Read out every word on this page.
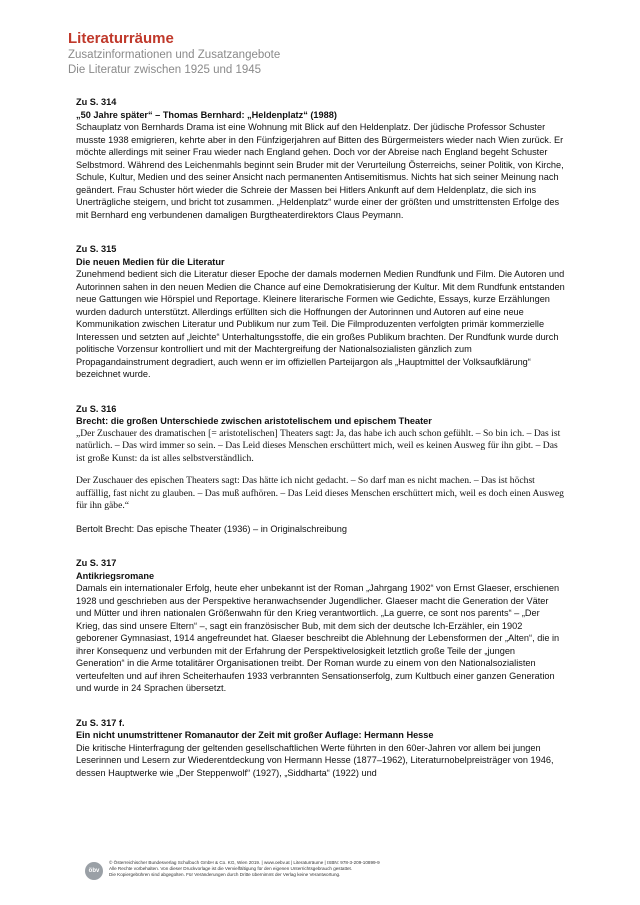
Literaturräume

Zusatzinformationen und Zusatzangebote

Die Literatur zwischen 1925 und 1945

Zu S. 314

„50 Jahre später“ – Thomas Bernhard: „Heldenplatz“ (1988)

Schauplatz von Bernhards Drama ist eine Wohnung mit Blick auf den Heldenplatz. Der jüdische Professor Schuster musste 1938 emigrieren, kehrte aber in den Fünfzigerjahren auf Bitten des Bürgermeisters wieder nach Wien zurück. Er möchte allerdings mit seiner Frau wieder nach England gehen. Doch vor der Abreise nach England begeht Schuster Selbstmord. Während des Leichenmahls beginnt sein Bruder mit der Verurteilung Österreichs, seiner Politik, von Kirche, Schule, Kultur, Medien und des seiner Ansicht nach permanenten Antisemitismus. Nichts hat sich seiner Meinung nach geändert. Frau Schuster hört wieder die Schreie der Massen bei Hitlers Ankunft auf dem Heldenplatz, die sich ins Unerträgliche steigern, und bricht tot zusammen. „Heldenplatz“ wurde einer der größten und umstrittensten Erfolge des mit Bernhard eng verbundenen damaligen Burgtheaterdirektors Claus Peymann.

Zu S. 315

Die neuen Medien für die Literatur

Zunehmend bedient sich die Literatur dieser Epoche der damals modernen Medien Rundfunk und Film. Die Autoren und Autorinnen sahen in den neuen Medien die Chance auf eine Demokratisierung der Kultur. Mit dem Rundfunk entstanden neue Gattungen wie Hörspiel und Reportage. Kleinere literarische Formen wie Gedichte, Essays, kurze Erzählungen wurden dadurch unterstützt. Allerdings erfüllten sich die Hoffnungen der Autorinnen und Autoren auf eine neue Kommunikation zwischen Literatur und Publikum nur zum Teil. Die Filmproduzenten verfolgten primär kommerzielle Interessen und setzten auf „leichte“ Unterhaltungsstoffe, die ein großes Publikum brachten. Der Rundfunk wurde durch politische Vorzensur kontrolliert und mit der Machtergreifung der Nationalsozialisten gänzlich zum Propagandainstrument degradiert, auch wenn er im offiziellen Parteijargon als „Hauptmittel der Volksaufklärung“ bezeichnet wurde.

Zu S. 316

Brecht: die großen Unterschiede zwischen aristotelischem und epischem Theater

„Der Zuschauer des dramatischen [= aristotelischen] Theaters sagt: Ja, das habe ich auch schon gefühlt. – So bin ich. – Das ist natürlich. – Das wird immer so sein. – Das Leid dieses Menschen erschüttert mich, weil es keinen Ausweg für ihn gibt. – Das ist große Kunst: da ist alles selbstverständlich.

Der Zuschauer des epischen Theaters sagt: Das hätte ich nicht gedacht. – So darf man es nicht machen. – Das ist höchst auffällig, fast nicht zu glauben. – Das muß aufhören. – Das Leid dieses Menschen erschüttert mich, weil es doch einen Ausweg für ihn gäbe.“

Bertolt Brecht: Das epische Theater (1936) – in Originalschreibung

Zu S. 317

Antikriegsromane

Damals ein internationaler Erfolg, heute eher unbekannt ist der Roman „Jahrgang 1902“ von Ernst Glaeser, erschienen 1928 und geschrieben aus der Perspektive heranwachsender Jugendlicher. Glaeser macht die Generation der Väter und Mütter und ihren nationalen Größenwahn für den Krieg verantwortlich. „La guerre, ce sont nos parents“ – „Der Krieg, das sind unsere Eltern“ –, sagt ein französischer Bub, mit dem sich der deutsche Ich-Erzähler, ein 1902 geborener Gymnasiast, 1914 angefreundet hat. Glaeser beschreibt die Ablehnung der Lebensformen der „Alten“, die in ihrer Konsequenz und verbunden mit der Erfahrung der Perspektivelosigkeit letztlich große Teile der „jungen Generation“ in die Arme totalitärer Organisationen treibt. Der Roman wurde zu einem von den Nationalsozialisten verteufelten und auf ihren Scheiterhaufen 1933 verbrannten Sensationserfolg, zum Kultbuch einer ganzen Generation und wurde in 24 Sprachen übersetzt.

Zu S. 317 f.

Ein nicht unumstrittener Romanautor der Zeit mit großer Auflage: Hermann Hesse

Die kritische Hinterfragung der geltenden gesellschaftlichen Werte führten in den 60er-Jahren vor allem bei jungen Leserinnen und Lesern zur Wiederentdeckung von Hermann Hesse (1877–1962), Literaturnobelpreisträger von 1946, dessen Hauptwerke wie „Der Steppenwolf“ (1927), „Siddharta“ (1922) und

öbv
© Österreichischer Bundesverlag Schulbuch GmbH & Co. KG, Wien 2019. | www.oebv.at | Literaturräume | ISBN: 978-3-209-10899-9
Alle Rechte vorbehalten. Von dieser Druckvorlage ist die Vervielfältigung für den eigenen Unterrichtsgebrauch gestattet.
Die Kopiergebühren sind abgegolten. Für Veränderungen durch Dritte übernimmt der Verlag keine Verantwortung.
